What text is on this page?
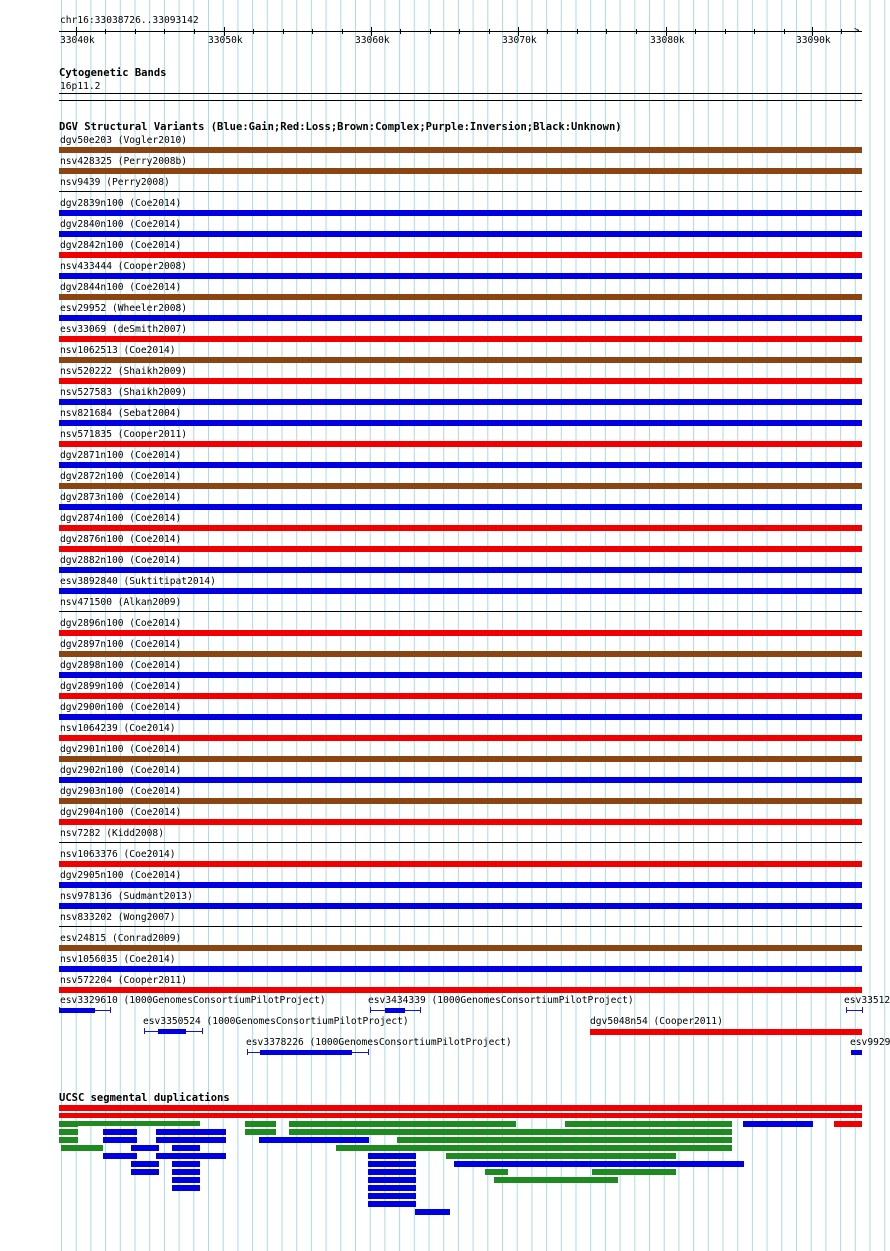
chr16:33038726..33093142
>
33040k	33050k	33060k	33070k	33080k	33090k
Cytogenetic Bands
16p11.2
DGV Structural Variants (Blue:Gain;Red:Loss;Brown:Complex;Purple:Inversion;Black:Unknown)
dgv50e203 (Vogler2010)
nsv428325 (Perry2008b)
nsv9439 (Perry2008)
dgv2839n100 (Coe2014)
dgv2840n100 (Coe2014)
dgv2842n100 (Coe2014)
nsv433444 (Cooper2008)
dgv2844n100 (Coe2014)
esv29952 (Wheeler2008)
esv33069 (deSmith2007)
nsv1062513 (Coe2014)
nsv520222 (Shaikh2009)
nsv527583 (Shaikh2009)
nsv821684 (Sebat2004)
nsv571835 (Cooper2011)
dgv2871n100 (Coe2014)
dgv2872n100 (Coe2014)
dgv2873n100 (Coe2014)
dgv2874n100 (Coe2014)
dgv2876n100 (Coe2014)
dgv2882n100 (Coe2014)
esv3892840 (Suktitipat2014)
nsv471500 (Alkan2009)
dgv2896n100 (Coe2014)
dgv2897n100 (Coe2014)
dgv2898n100 (Coe2014)
dgv2899n100 (Coe2014)
dgv2900n100 (Coe2014)
nsv1064239 (Coe2014)
dgv2901n100 (Coe2014)
dgv2902n100 (Coe2014)
dgv2903n100 (Coe2014)
dgv2904n100 (Coe2014)
nsv7282 (Kidd2008)
nsv1063376 (Coe2014)
dgv2905n100 (Coe2014)
nsv978136 (Sudmant2013)
nsv833202 (Wong2007)
esv24815 (Conrad2009)
nsv1056035 (Coe2014)
nsv572204 (Cooper2011)
esv3329610 (1000GenomesConsortiumPilotProject)	esv3434339 (1000GenomesConsortiumPilotProject)	esv33512
esv3350524 (1000GenomesConsortiumPilotProject)	dgv5048n54 (Cooper2011)
esv3378226 (1000GenomesConsortiumPilotProject)	esv9929
UCSC segmental duplications
